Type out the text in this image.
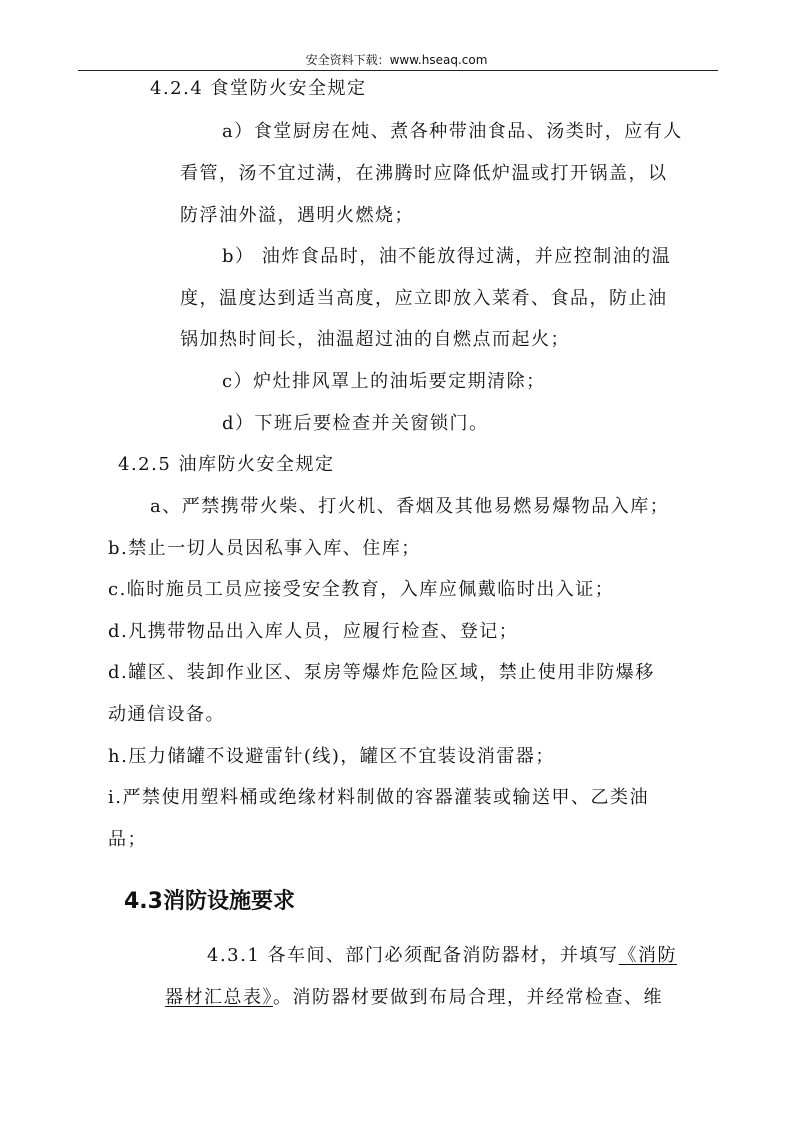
安全资料下载：www.hseaq.com
4.2.4 食堂防火安全规定
a）食堂厨房在炖、煮各种带油食品、汤类时，应有人
看管，汤不宜过满，在沸腾时应降低炉温或打开锅盖，以
防浮油外溢，遇明火燃烧；
b） 油炸食品时，油不能放得过满，并应控制油的温
度，温度达到适当高度，应立即放入菜肴、食品，防止油
锅加热时间长，油温超过油的自燃点而起火；
c）炉灶排风罩上的油垢要定期清除；
d）下班后要检查并关窗锁门。
4.2.5 油库防火安全规定
a、严禁携带火柴、打火机、香烟及其他易燃易爆物品入库；
b.禁止一切人员因私事入库、住库；
c.临时施员工员应接受安全教育，入库应佩戴临时出入证；
d.凡携带物品出入库人员，应履行检查、登记；
d.罐区、装卸作业区、泵房等爆炸危险区域，禁止使用非防爆移
动通信设备。
h.压力储罐不设避雷针(线)，罐区不宜装设消雷器；
i.严禁使用塑料桶或绝缘材料制做的容器灌装或输送甲、乙类油
品；
4.3消防设施要求
4.3.1 各车间、部门必须配备消防器材，并填写《消防
器材汇总表》。消防器材要做到布局合理，并经常检查、维
